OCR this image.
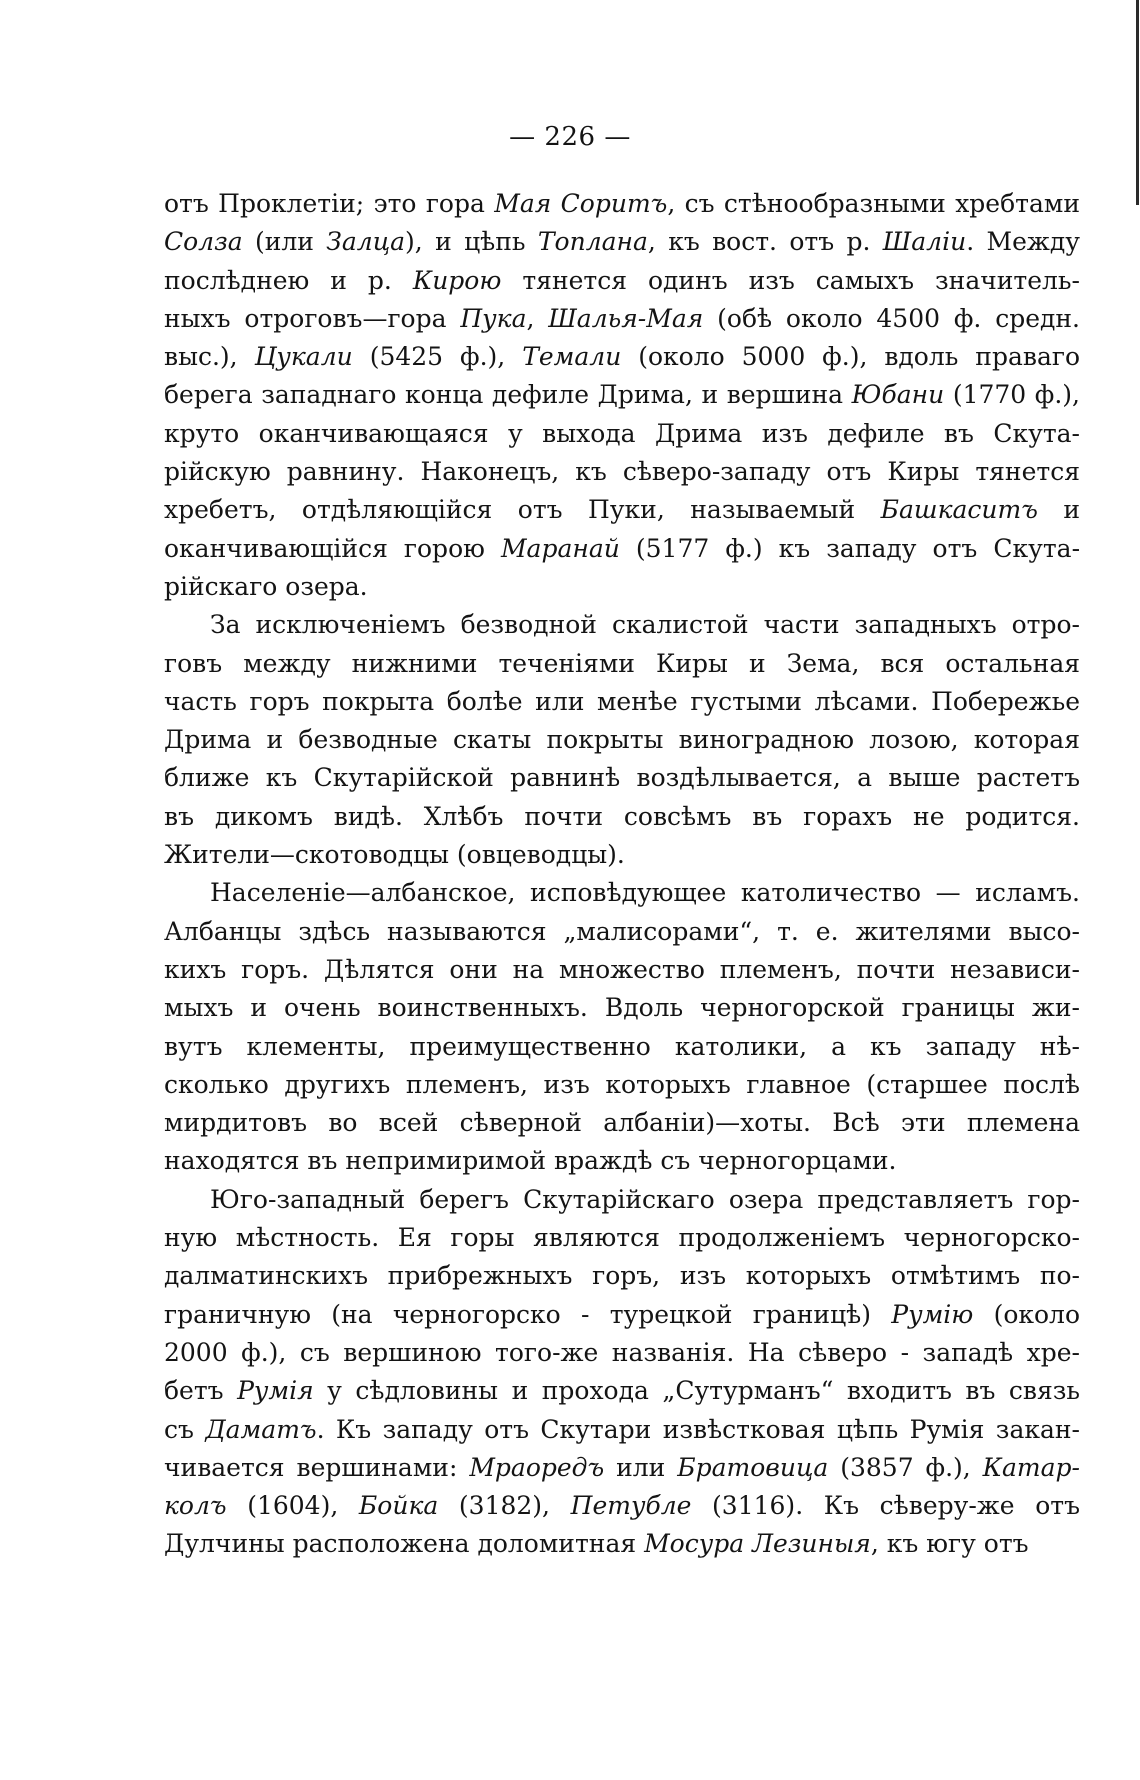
— 226 —
отъ Проклетіи; это гора Мая Соритъ, съ стѣнообразными хребтами
Солза (или Залца), и цѣпь Топлана, къ вост. отъ р. Шаліи. Между
послѣднею и р. Кирою тянется одинъ изъ самыхъ значитель-
ныхъ отроговъ—гора Пука, Шалья-Мая (обѣ около 4500 ф. средн.
выс.), Цукали (5425 ф.), Темали (около 5000 ф.), вдоль праваго
берега западнаго конца дефиле Дрима, и вершина Юбани (1770 ф.),
круто оканчивающаяся у выхода Дрима изъ дефиле въ Скута-
рійскую равнину. Наконецъ, къ сѣверо-западу отъ Киры тянется
хребетъ, отдѣляющійся отъ Пуки, называемый Башкаситъ и
оканчивающійся горою Маранай (5177 ф.) къ западу отъ Скута-
рійскаго озера.
За исключеніемъ безводной скалистой части западныхъ отро-
говъ между нижними теченіями Киры и Зема, вся остальная
часть горъ покрыта болѣе или менѣе густыми лѣсами. Побережье
Дрима и безводные скаты покрыты виноградною лозою, которая
ближе къ Скутарійской равнинѣ воздѣлывается, а выше растетъ
въ дикомъ видѣ. Хлѣбъ почти совсѣмъ въ горахъ не родится.
Жители—скотоводцы (овцеводцы).
Населеніе—албанское, исповѣдующее католичество — исламъ.
Албанцы здѣсь называются „малисорами“, т. е. жителями высо-
кихъ горъ. Дѣлятся они на множество племенъ, почти независи-
мыхъ и очень воинственныхъ. Вдоль черногорской границы жи-
вутъ клементы, преимущественно католики, а къ западу нѣ-
сколько другихъ племенъ, изъ которыхъ главное (старшее послѣ
мирдитовъ во всей сѣверной албаніи)—хоты. Всѣ эти племена
находятся въ непримиримой враждѣ съ черногорцами.
Юго-западный берегъ Скутарійскаго озера представляетъ гор-
ную мѣстность. Ея горы являются продолженіемъ черногорско-
далматинскихъ прибрежныхъ горъ, изъ которыхъ отмѣтимъ по-
граничную (на черногорско - турецкой границѣ) Румію (около
2000 ф.), съ вершиною того-же названія. На сѣверо - западѣ хре-
бетъ Румія у сѣдловины и прохода „Сутурманъ“ входитъ въ связь
съ Даматъ. Къ западу отъ Скутари извѣстковая цѣпь Румія закан-
чивается вершинами: Мраоредъ или Братовица (3857 ф.), Катар-
колъ (1604), Бойка (3182), Петубле (3116). Къ сѣверу-же отъ
Дулчины расположена доломитная Мосура Лезиныя, къ югу отъ
